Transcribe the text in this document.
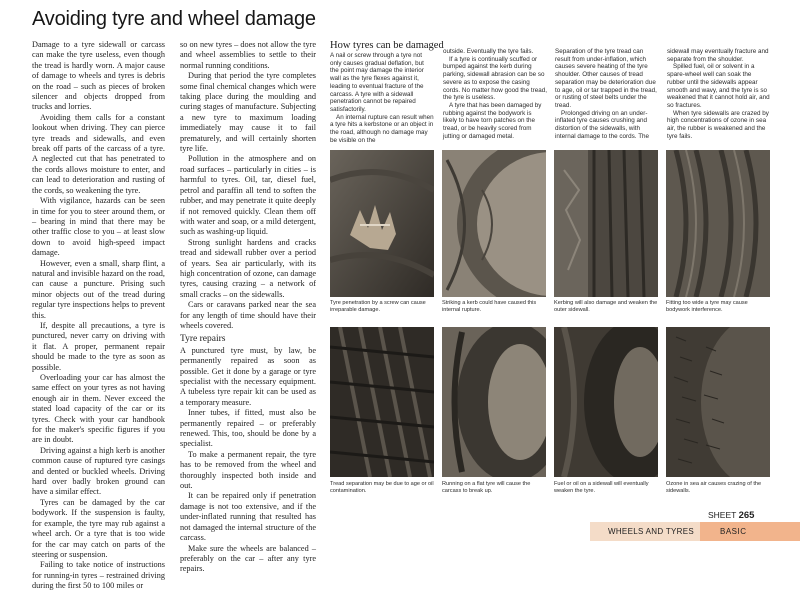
Avoiding tyre and wheel damage

Damage to a tyre sidewall or carcass can make the tyre useless, even though the tread is hardly worn. A major cause of damage to wheels and tyres is debris on the road – such as pieces of broken silencer and objects dropped from trucks and lorries.

Avoiding them calls for a constant lookout when driving. They can pierce tyre treads and sidewalls, and even break off parts of the carcass of a tyre. A neglected cut that has penetrated to the cords allows moisture to enter, and can lead to deterioration and rusting of the cords, so weakening the tyre.

With vigilance, hazards can be seen in time for you to steer around them, or – bearing in mind that there may be other traffic close to you – at least slow down to avoid high-speed impact damage.

However, even a small, sharp flint, a natural and invisible hazard on the road, can cause a puncture. Prising such minor objects out of the tread during regular tyre inspections helps to prevent this.

If, despite all precautions, a tyre is punctured, never carry on driving with it flat. A proper, permanent repair should be made to the tyre as soon as possible.

Overloading your car has almost the same effect on your tyres as not having enough air in them. Never exceed the stated load capacity of the car or its tyres. Check with your car handbook for the maker's specific figures if you are in doubt.

Driving against a high kerb is another common cause of ruptured tyre casings and dented or buckled wheels. Driving hard over badly broken ground can have a similar effect.

Tyres can be damaged by the car bodywork. If the suspension is faulty, for example, the tyre may rub against a wheel arch. Or a tyre that is too wide for the car may catch on parts of the steering or suspension.

Failing to take notice of instructions for running-in tyres – restrained driving during the first 50 to 100 miles or

so on new tyres – does not allow the tyre and wheel assemblies to settle to their normal running conditions.

During that period the tyre completes some final chemical changes which were taking place during the moulding and curing stages of manufacture. Subjecting a new tyre to maximum loading immediately may cause it to fail prematurely, and will certainly shorten tyre life.

Pollution in the atmosphere and on road surfaces – particularly in cities – is harmful to tyres. Oil, tar, diesel fuel, petrol and paraffin all tend to soften the rubber, and may penetrate it quite deeply if not removed quickly. Clean them off with water and soap, or a mild detergent, such as washing-up liquid.

Strong sunlight hardens and cracks tread and sidewall rubber over a period of years. Sea air particularly, with its high concentration of ozone, can damage tyres, causing crazing – a network of small cracks – on the sidewalls.

Cars or caravans parked near the sea for any length of time should have their wheels covered.

Tyre repairs

A punctured tyre must, by law, be permanently repaired as soon as possible. Get it done by a garage or tyre specialist with the necessary equipment. A tubeless tyre repair kit can be used as a temporary measure.

Inner tubes, if fitted, must also be permanently repaired – or preferably renewed. This, too, should be done by a specialist.

To make a permanent repair, the tyre has to be removed from the wheel and thoroughly inspected both inside and out.

It can be repaired only if penetration damage is not too extensive, and if the under-inflated running that resulted has not damaged the internal structure of the carcass.

Make sure the wheels are balanced – preferably on the car – after any tyre repairs.

How tyres can be damaged

A nail or screw through a tyre not only causes gradual deflation, but the point may damage the interior wall as the tyre flexes against it, leading to eventual fracture of the carcass. A tyre with a sidewall penetration cannot be repaired satisfactorily.

An internal rupture can result when a tyre hits a kerbstone or an object in the road, although no damage may be visible on the

outside. Eventually the tyre fails.

If a tyre is continually scuffed or bumped against the kerb during parking, sidewall abrasion can be so severe as to expose the casing cords. No matter how good the tread, the tyre is useless.

A tyre that has been damaged by rubbing against the bodywork is likely to have torn patches on the tread, or be heavily scored from jutting or damaged metal.

Separation of the tyre tread can result from under-inflation, which causes severe heating of the tyre shoulder. Other causes of tread separation may be deterioration due to age, oil or tar trapped in the tread, or rusting of steel belts under the tread.

Prolonged driving on an under-inflated tyre causes crushing and distortion of the sidewalls, with internal damage to the cords. The

sidewall may eventually fracture and separate from the shoulder.

Spilled fuel, oil or solvent in a spare-wheel well can soak the rubber until the sidewalls appear smooth and wavy, and the tyre is so weakened that it cannot hold air, and so fractures.

When tyre sidewalls are crazed by high concentrations of ozone in sea air, the rubber is weakened and the tyre fails.

Tyre penetration by a screw can cause irreparable damage.
Striking a kerb could have caused this internal rupture.
Kerbing will also damage and weaken the outer sidewall.
Fitting too wide a tyre may cause bodywork interference.
Tread separation may be due to age or oil contamination.
Running on a flat tyre will cause the carcass to break up.
Fuel or oil on a sidewall will eventually weaken the tyre.
Ozone in sea air causes crazing of the sidewalls.
SHEET 265
WHEELS AND TYRES	BASIC
